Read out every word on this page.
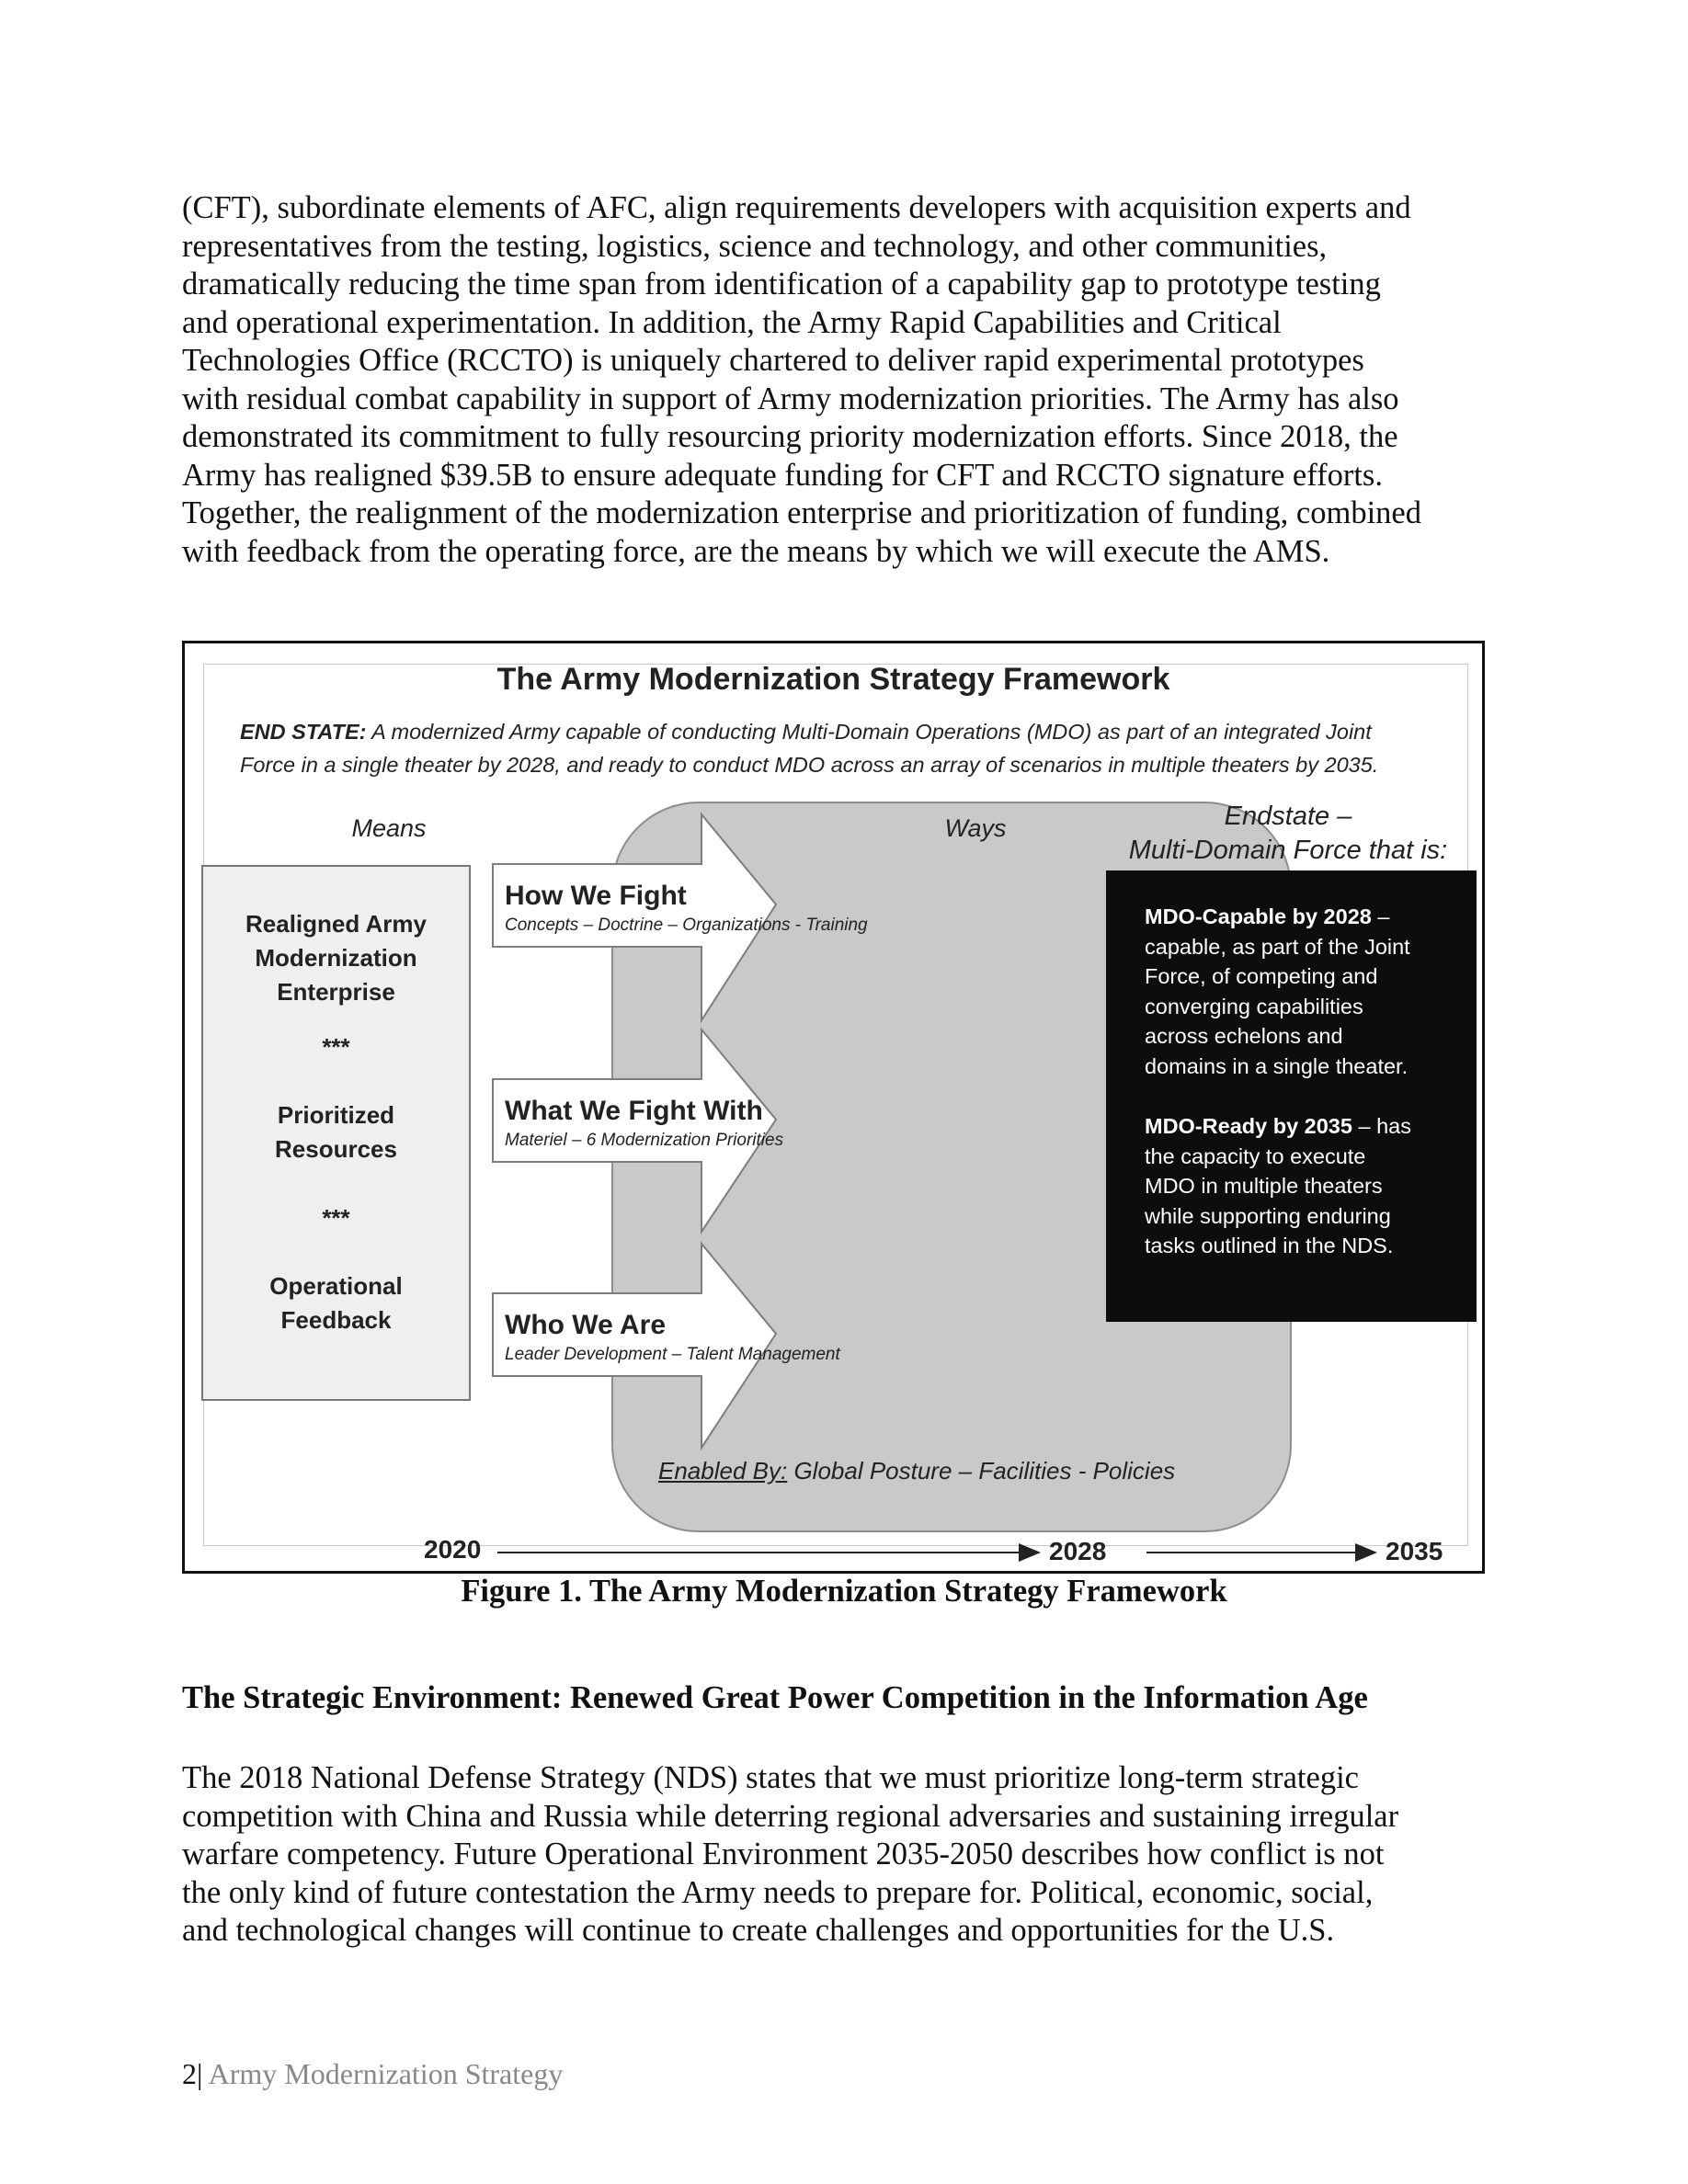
(CFT), subordinate elements of AFC, align requirements developers with acquisition experts and
representatives from the testing, logistics, science and technology, and other communities,
dramatically reducing the time span from identification of a capability gap to prototype testing
and operational experimentation. In addition, the Army Rapid Capabilities and Critical
Technologies Office (RCCTO) is uniquely chartered to deliver rapid experimental prototypes
with residual combat capability in support of Army modernization priorities. The Army has also
demonstrated its commitment to fully resourcing priority modernization efforts. Since 2018, the
Army has realigned $39.5B to ensure adequate funding for CFT and RCCTO signature efforts.
Together, the realignment of the modernization enterprise and prioritization of funding, combined
with feedback from the operating force, are the means by which we will execute the AMS.
The Army Modernization Strategy Framework
END STATE: A modernized Army capable of conducting Multi-Domain Operations (MDO) as part of an integrated Joint
Force in a single theater by 2028, and ready to conduct MDO across an array of scenarios in multiple theaters by 2035.
Means	Ways	Endstate –
Multi-Domain Force that is:
Realigned Army
Modernization
Enterprise
***
Prioritized
Resources
***
Operational
Feedback
How We Fight
Concepts – Doctrine – Organizations - Training
What We Fight With
Materiel – 6 Modernization Priorities
Who We Are
Leader Development – Talent Management
MDO-Capable by 2028 –
capable, as part of the Joint
Force, of competing and
converging capabilities
across echelons and
domains in a single theater.
MDO-Ready by 2035 – has
the capacity to execute
MDO in multiple theaters
while supporting enduring
tasks outlined in the NDS.
Enabled By: Global Posture – Facilities - Policies
2020	2028	2035
Figure 1. The Army Modernization Strategy Framework
The Strategic Environment: Renewed Great Power Competition in the Information Age
The 2018 National Defense Strategy (NDS) states that we must prioritize long-term strategic
competition with China and Russia while deterring regional adversaries and sustaining irregular
warfare competency. Future Operational Environment 2035-2050 describes how conflict is not
the only kind of future contestation the Army needs to prepare for. Political, economic, social,
and technological changes will continue to create challenges and opportunities for the U.S.
2| Army Modernization Strategy
